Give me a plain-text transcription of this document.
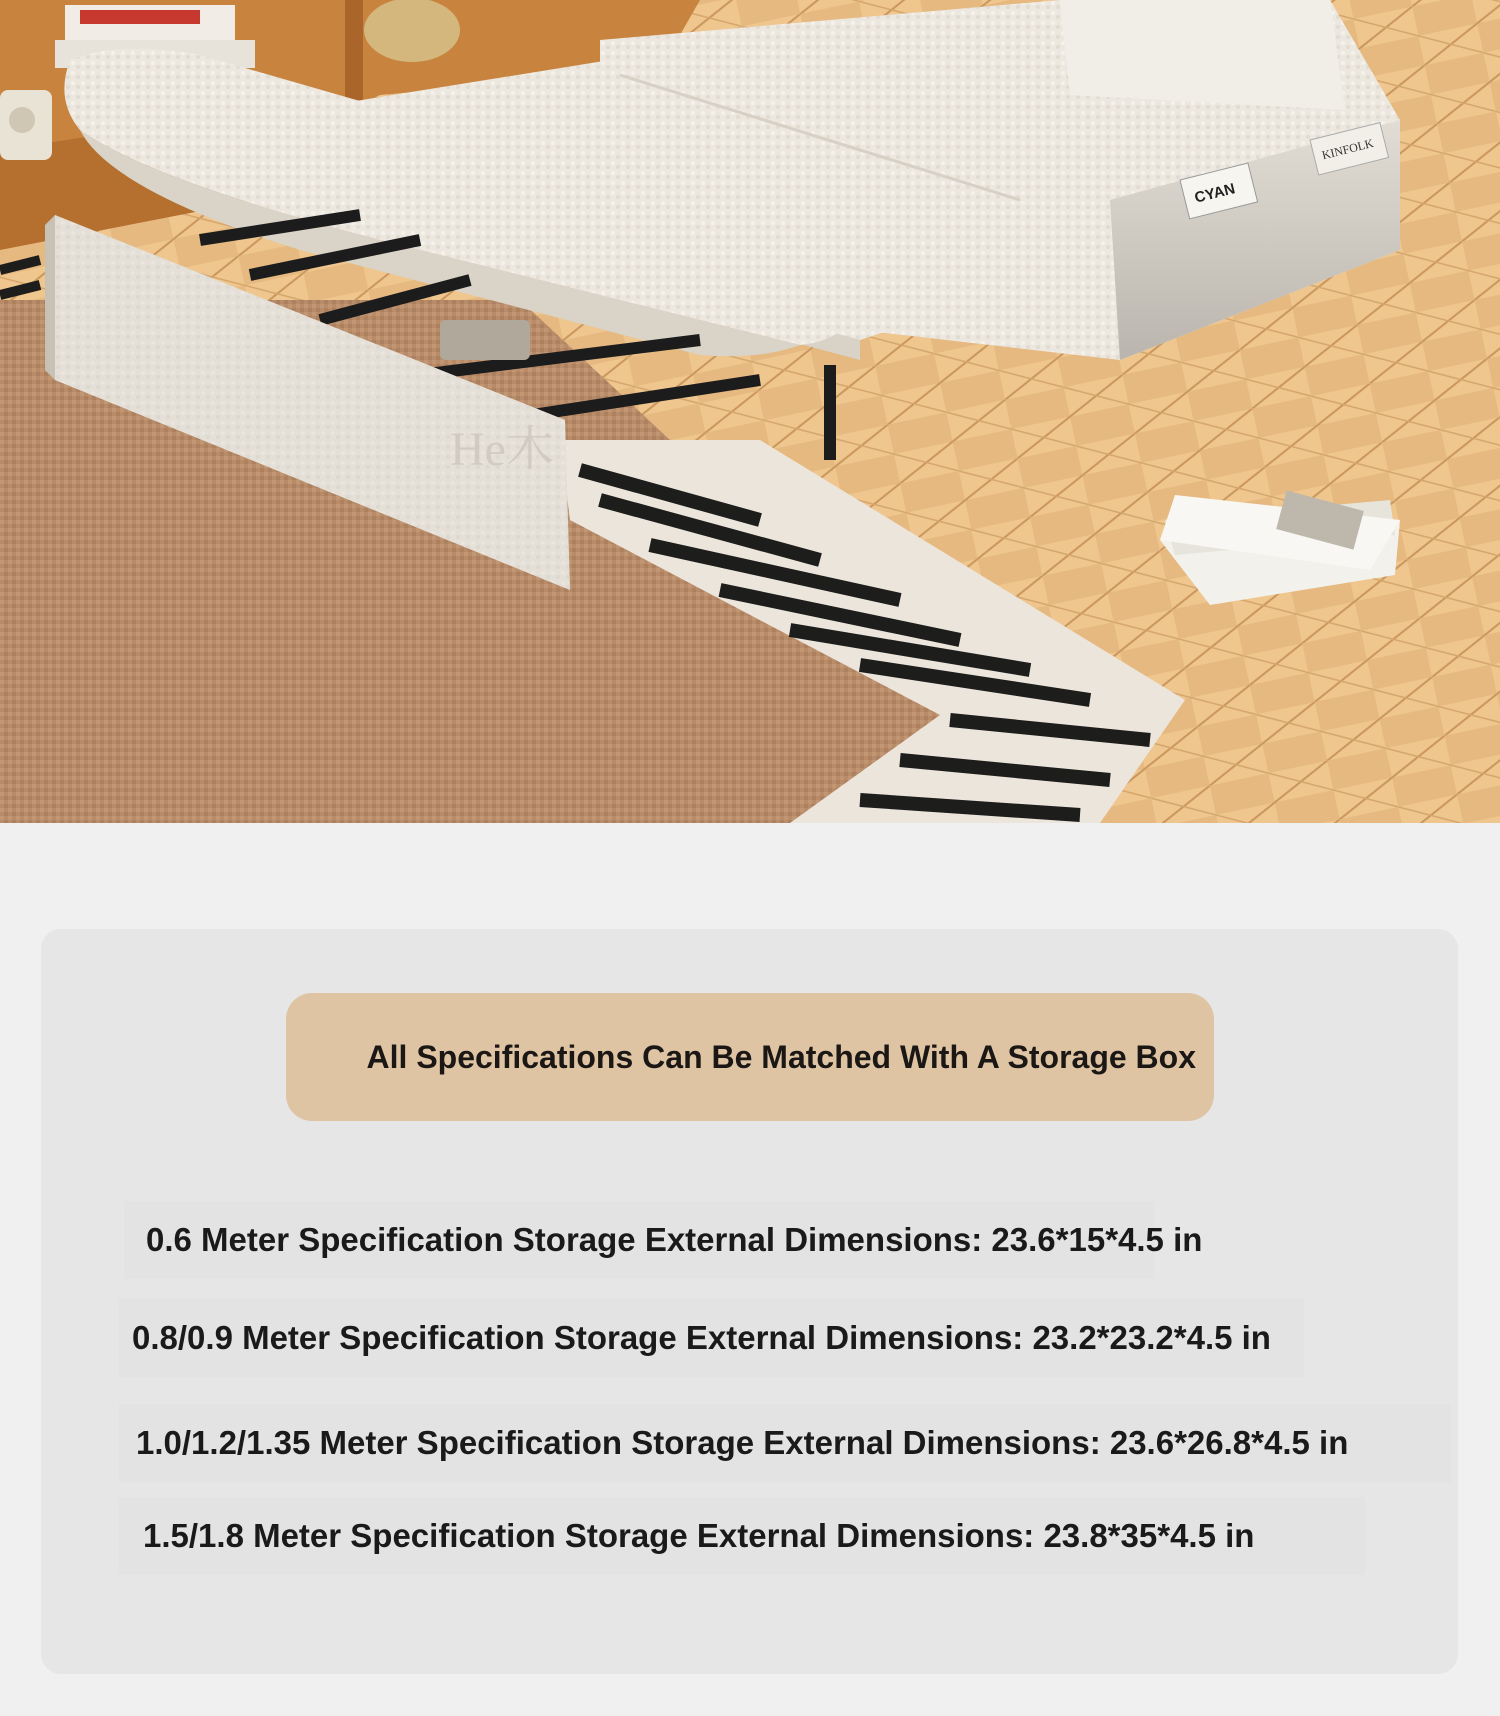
CYAN
KINFOLK
He木
All Specifications Can Be Matched With A Storage Box
0.6 Meter Specification Storage External Dimensions: 23.6*15*4.5 in
0.8/0.9 Meter Specification Storage External Dimensions: 23.2*23.2*4.5 in
1.0/1.2/1.35 Meter Specification Storage External Dimensions: 23.6*26.8*4.5 in
1.5/1.8 Meter Specification Storage External Dimensions: 23.8*35*4.5 in
